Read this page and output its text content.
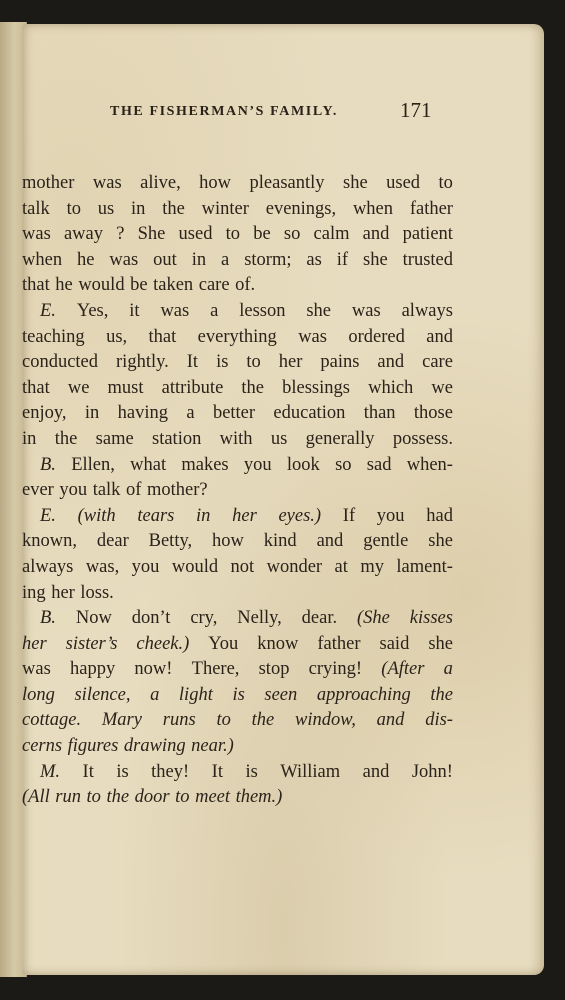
THE FISHERMAN’S FAMILY.	171
mother was alive, how pleasantly she used to
talk to us in the winter evenings, when father
was away ? She used to be so calm and patient
when he was out in a storm; as if she trusted
that he would be taken care of.
E. Yes, it was a lesson she was always
teaching us, that everything was ordered and
conducted rightly. It is to her pains and care
that we must attribute the blessings which we
enjoy, in having a better education than those
in the same station with us generally possess.
B. Ellen, what makes you look so sad when-
ever you talk of mother?
E. (with tears in her eyes.) If you had
known, dear Betty, how kind and gentle she
always was, you would not wonder at my lament-
ing her loss.
B. Now don’t cry, Nelly, dear. (She kisses
her sister’s cheek.) You know father said she
was happy now! There, stop crying! (After a
long silence, a light is seen approaching the
cottage. Mary runs to the window, and dis-
cerns figures drawing near.)
M. It is they! It is William and John!
(All run to the door to meet them.)
